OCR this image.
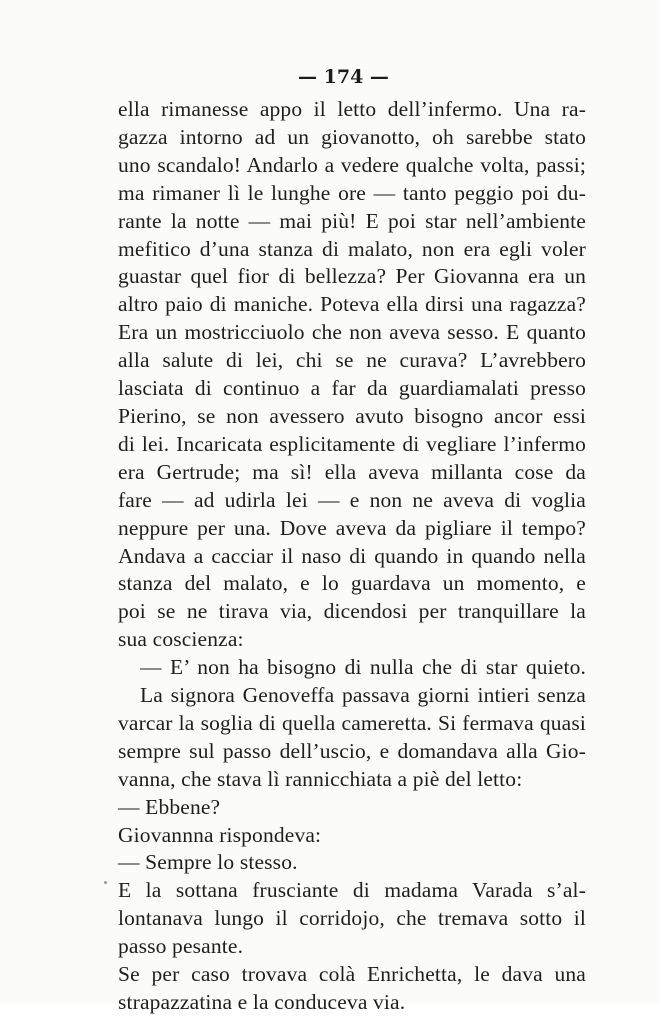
— 174 —
ella rimanesse appo il letto dell’infermo. Una ra-
gazza intorno ad un giovanotto, oh sarebbe stato
uno scandalo! Andarlo a vedere qualche volta, passi;
ma rimaner lì le lunghe ore — tanto peggio poi du-
rante la notte — mai più! E poi star nell’ambiente
mefitico d’una stanza di malato, non era egli voler
guastar quel fior di bellezza? Per Giovanna era un
altro paio di maniche. Poteva ella dirsi una ragazza?
Era un mostricciuolo che non aveva sesso. E quanto
alla salute di lei, chi se ne curava? L’avrebbero
lasciata di continuo a far da guardiamalati presso
Pierino, se non avessero avuto bisogno ancor essi
di lei. Incaricata esplicitamente di vegliare l’infermo
era Gertrude; ma sì! ella aveva millanta cose da
fare — ad udirla lei — e non ne aveva di voglia
neppure per una. Dove aveva da pigliare il tempo?
Andava a cacciar il naso di quando in quando nella
stanza del malato, e lo guardava un momento, e
poi se ne tirava via, dicendosi per tranquillare la
sua coscienza:
— E’ non ha bisogno di nulla che di star quieto.
La signora Genoveffa passava giorni intieri senza
varcar la soglia di quella cameretta. Si fermava quasi
sempre sul passo dell’uscio, e domandava alla Gio-
vanna, che stava lì rannicchiata a piè del letto:
— Ebbene?
Giovannna rispondeva:
— Sempre lo stesso.
E la sottana frusciante di madama Varada s’al-
lontanava lungo il corridojo, che tremava sotto il
passo pesante.
Se per caso trovava colà Enrichetta, le dava una
strapazzatina e la conduceva via.
